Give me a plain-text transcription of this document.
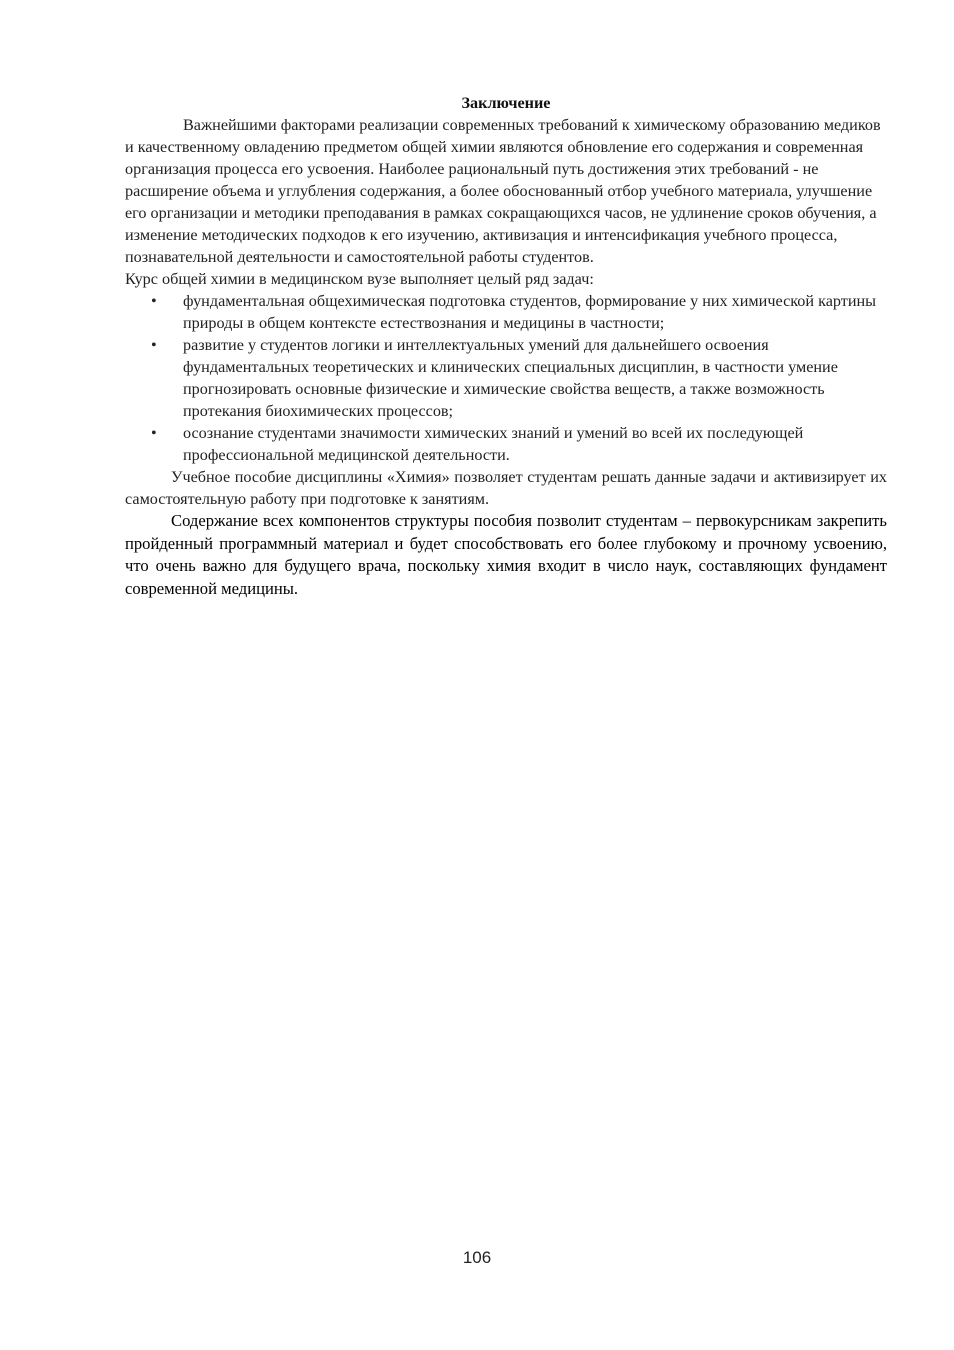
Заключение

Важнейшими факторами реализации современных требований к химическому образованию медиков и качественному овладению предметом общей химии являются обновление его содержания и современная организация процесса его усвоения. Наиболее рациональный путь достижения этих требований - не расширение объема и углубления содержания, а более обоснованный отбор учебного материала, улучшение его организации и методики преподавания в рамках сокращающихся часов, не удлинение сроков обучения, а изменение методических подходов к его изучению, активизация и интенсификация учебного процесса, познавательной деятельности и самостоятельной работы студентов.

Курс общей химии в медицинском вузе выполняет целый ряд задач:

• фундаментальная общехимическая подготовка студентов, формирование у них химической картины природы в общем контексте естествознания и медицины в частности;
• развитие у студентов логики и интеллектуальных умений для дальнейшего освоения фундаментальных теоретических и клинических специальных дисциплин, в частности умение прогнозировать основные физические и химические свойства веществ, а также возможность протекания биохимических процессов;
• осознание студентами значимости химических знаний и умений во всей их последующей профессиональной медицинской деятельности.

Учебное пособие дисциплины «Химия» позволяет студентам решать данные задачи и активизирует их самостоятельную работу при подготовке к занятиям.

Содержание всех компонентов структуры пособия позволит студентам – первокурсникам закрепить пройденный программный материал и будет способствовать его более глубокому и прочному усвоению, что очень важно для будущего врача, поскольку химия входит в число наук, составляющих фундамент современной медицины.

106
